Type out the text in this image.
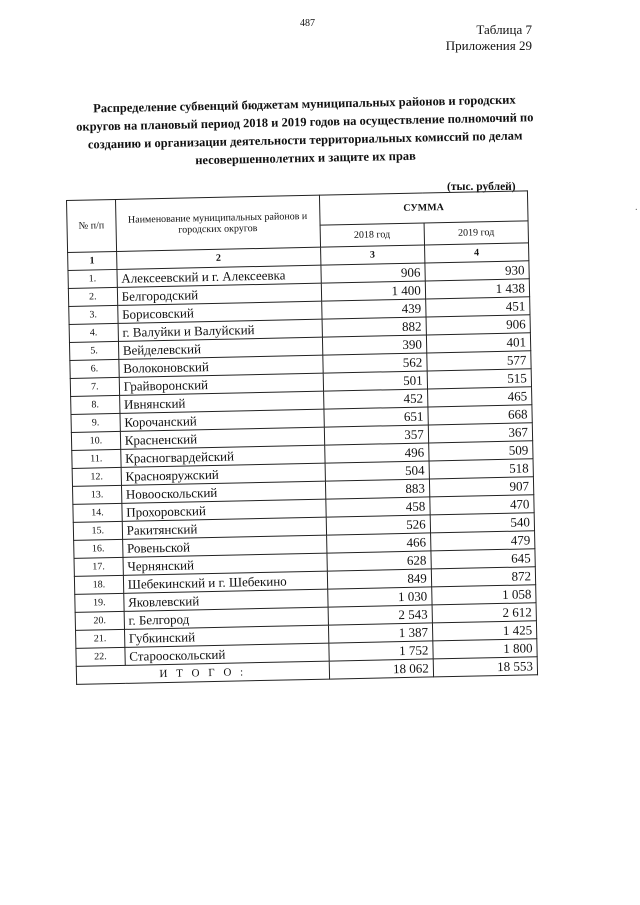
487	Таблица 7
Приложения 29
Распределение субвенций бюджетам муниципальных районов и городских округов на плановый период 2018 и 2019 годов на осуществление полномочий по созданию и организации деятельности территориальных комиссий по делам несовершеннолетних и защите их прав
(тыс. рублей)
·
№ п/п	Наименование муниципальных районов и городских округов	СУММА	
		2018 год	2019 год
1	2	3	4
1.	Алексеевский и г. Алексеевка	906	930
2.	Белгородский	1 400	1 438
3.	Борисовский	439	451
4.	г. Валуйки и Валуйский	882	906
5.	Вейделевский	390	401
6.	Волоконовский	562	577
7.	Грайворонский	501	515
8.	Ивнянский	452	465
9.	Корочанский	651	668
10.	Красненский	357	367
11.	Красногвардейский	496	509
12.	Краснояружский	504	518
13.	Новооскольский	883	907
14.	Прохоровский	458	470
15.	Ракитянский	526	540
16.	Ровеньской	466	479
17.	Чернянский	628	645
18.	Шебекинский и г. Шебекино	849	872
19.	Яковлевский	1 030	1 058
20.	г. Белгород	2 543	2 612
21.	Губкинский	1 387	1 425
22.	Старооскольский	1 752	1 800
И Т О Г О :		18 062	18 553
